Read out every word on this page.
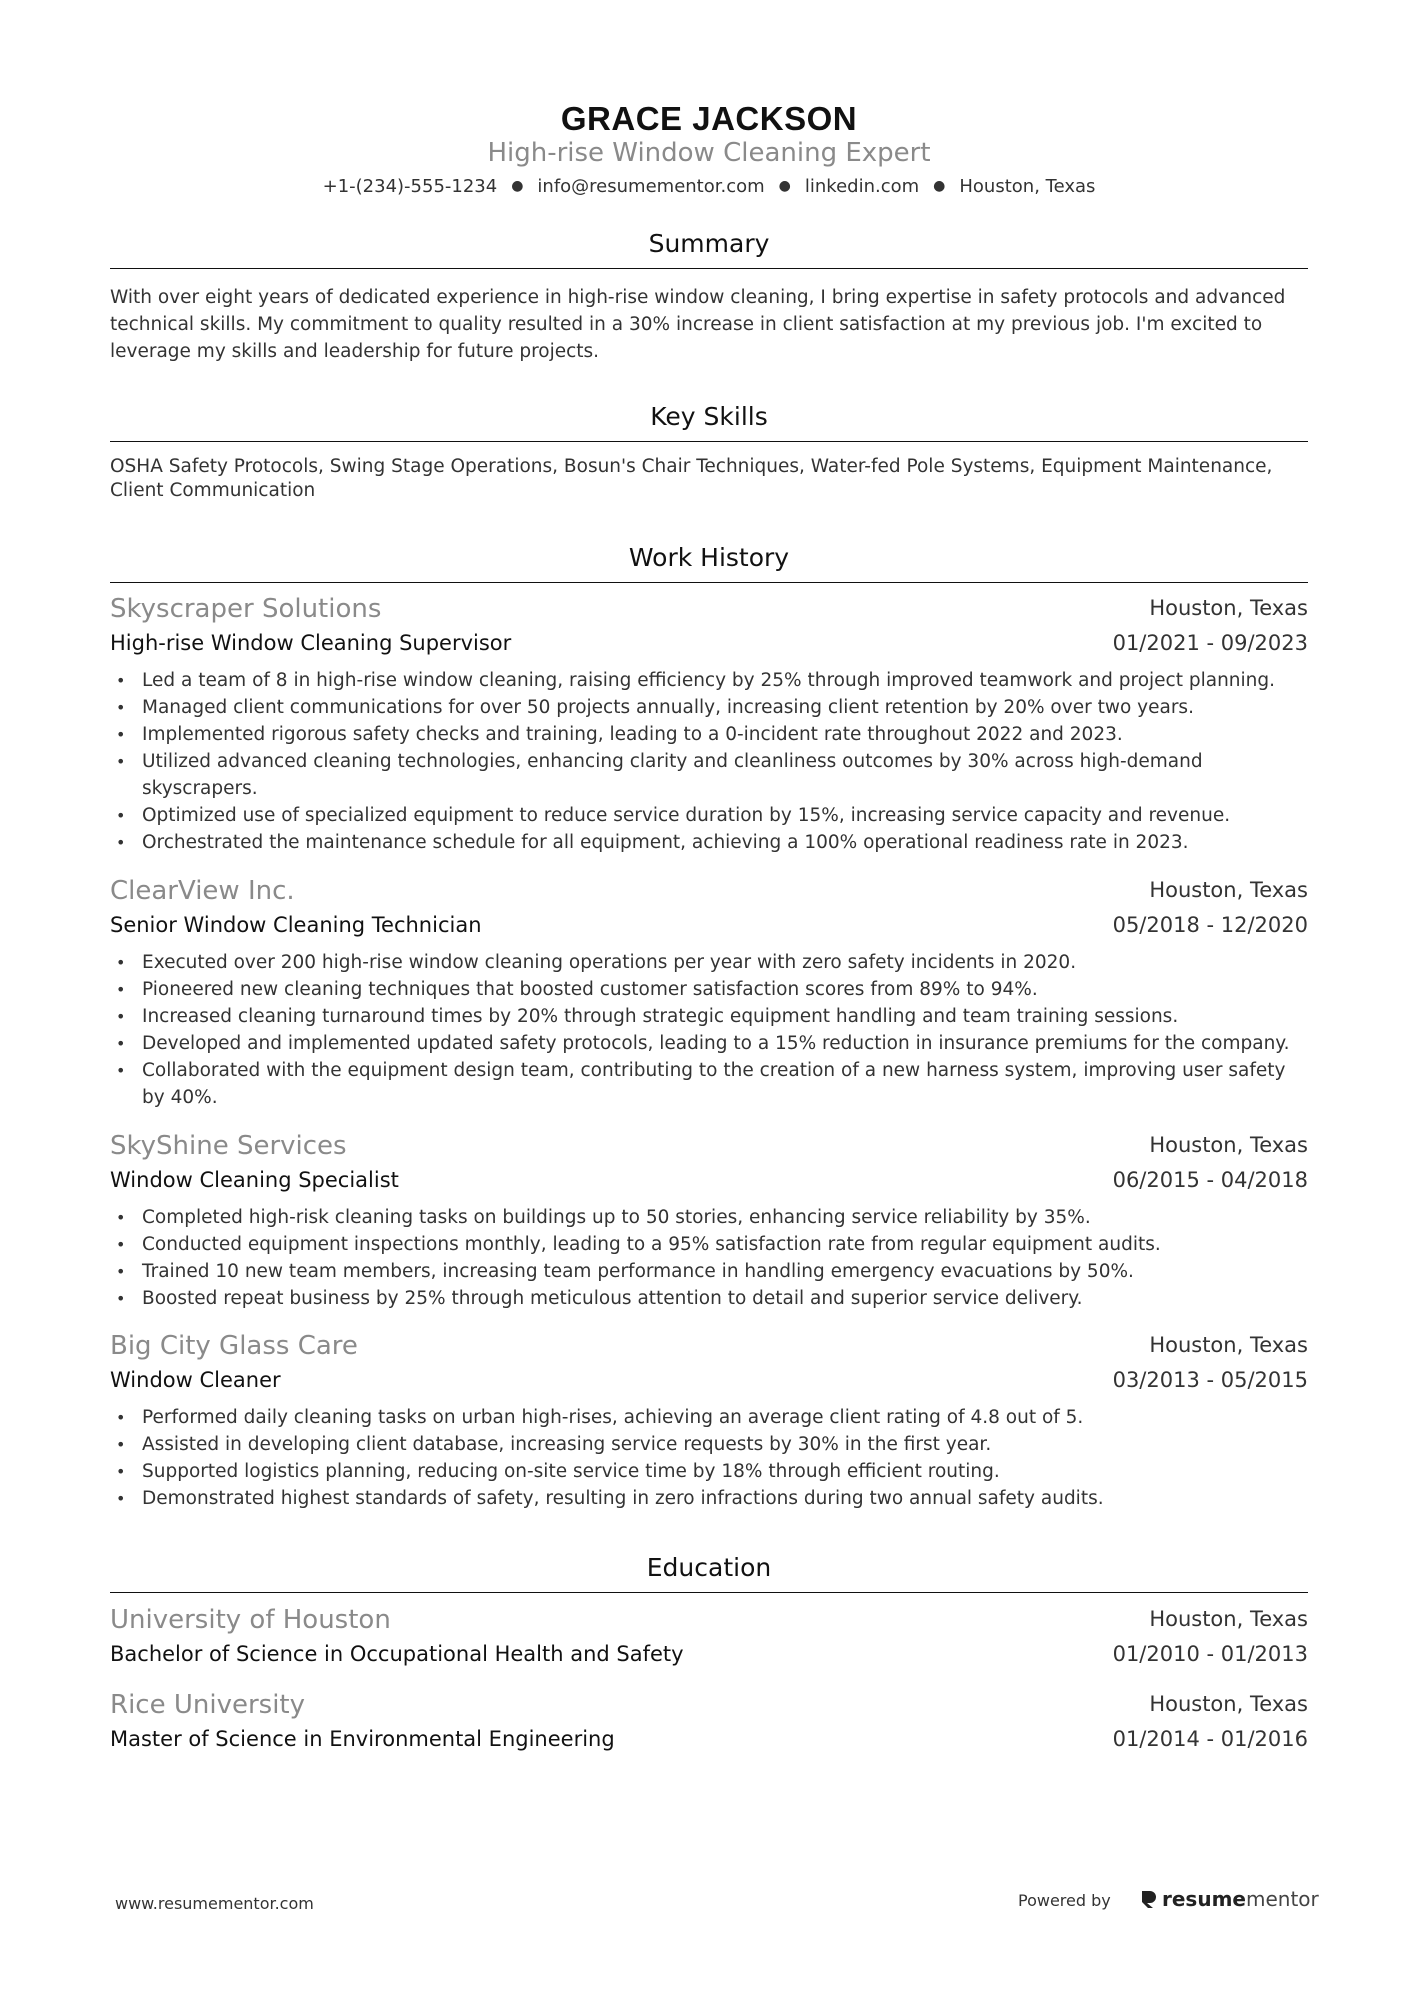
GRACE JACKSON
High-rise Window Cleaning Expert
+1-(234)-555-1234 ● info@resumementor.com ● linkedin.com ● Houston, Texas
Summary
With over eight years of dedicated experience in high-rise window cleaning, I bring expertise in safety protocols and advanced technical skills. My commitment to quality resulted in a 30% increase in client satisfaction at my previous job. I'm excited to leverage my skills and leadership for future projects.
Key Skills
OSHA Safety Protocols, Swing Stage Operations, Bosun's Chair Techniques, Water-fed Pole Systems, Equipment Maintenance, Client Communication
Work History
Skyscraper Solutions	Houston, Texas
High-rise Window Cleaning Supervisor	01/2021 - 09/2023
• Led a team of 8 in high-rise window cleaning, raising efficiency by 25% through improved teamwork and project planning.
• Managed client communications for over 50 projects annually, increasing client retention by 20% over two years.
• Implemented rigorous safety checks and training, leading to a 0-incident rate throughout 2022 and 2023.
• Utilized advanced cleaning technologies, enhancing clarity and cleanliness outcomes by 30% across high-demand skyscrapers.
• Optimized use of specialized equipment to reduce service duration by 15%, increasing service capacity and revenue.
• Orchestrated the maintenance schedule for all equipment, achieving a 100% operational readiness rate in 2023.
ClearView Inc.	Houston, Texas
Senior Window Cleaning Technician	05/2018 - 12/2020
• Executed over 200 high-rise window cleaning operations per year with zero safety incidents in 2020.
• Pioneered new cleaning techniques that boosted customer satisfaction scores from 89% to 94%.
• Increased cleaning turnaround times by 20% through strategic equipment handling and team training sessions.
• Developed and implemented updated safety protocols, leading to a 15% reduction in insurance premiums for the company.
• Collaborated with the equipment design team, contributing to the creation of a new harness system, improving user safety by 40%.
SkyShine Services	Houston, Texas
Window Cleaning Specialist	06/2015 - 04/2018
• Completed high-risk cleaning tasks on buildings up to 50 stories, enhancing service reliability by 35%.
• Conducted equipment inspections monthly, leading to a 95% satisfaction rate from regular equipment audits.
• Trained 10 new team members, increasing team performance in handling emergency evacuations by 50%.
• Boosted repeat business by 25% through meticulous attention to detail and superior service delivery.
Big City Glass Care	Houston, Texas
Window Cleaner	03/2013 - 05/2015
• Performed daily cleaning tasks on urban high-rises, achieving an average client rating of 4.8 out of 5.
• Assisted in developing client database, increasing service requests by 30% in the first year.
• Supported logistics planning, reducing on-site service time by 18% through efficient routing.
• Demonstrated highest standards of safety, resulting in zero infractions during two annual safety audits.
Education
University of Houston	Houston, Texas
Bachelor of Science in Occupational Health and Safety	01/2010 - 01/2013
Rice University	Houston, Texas
Master of Science in Environmental Engineering	01/2014 - 01/2016
www.resumementor.com	Powered by	resume mentor
